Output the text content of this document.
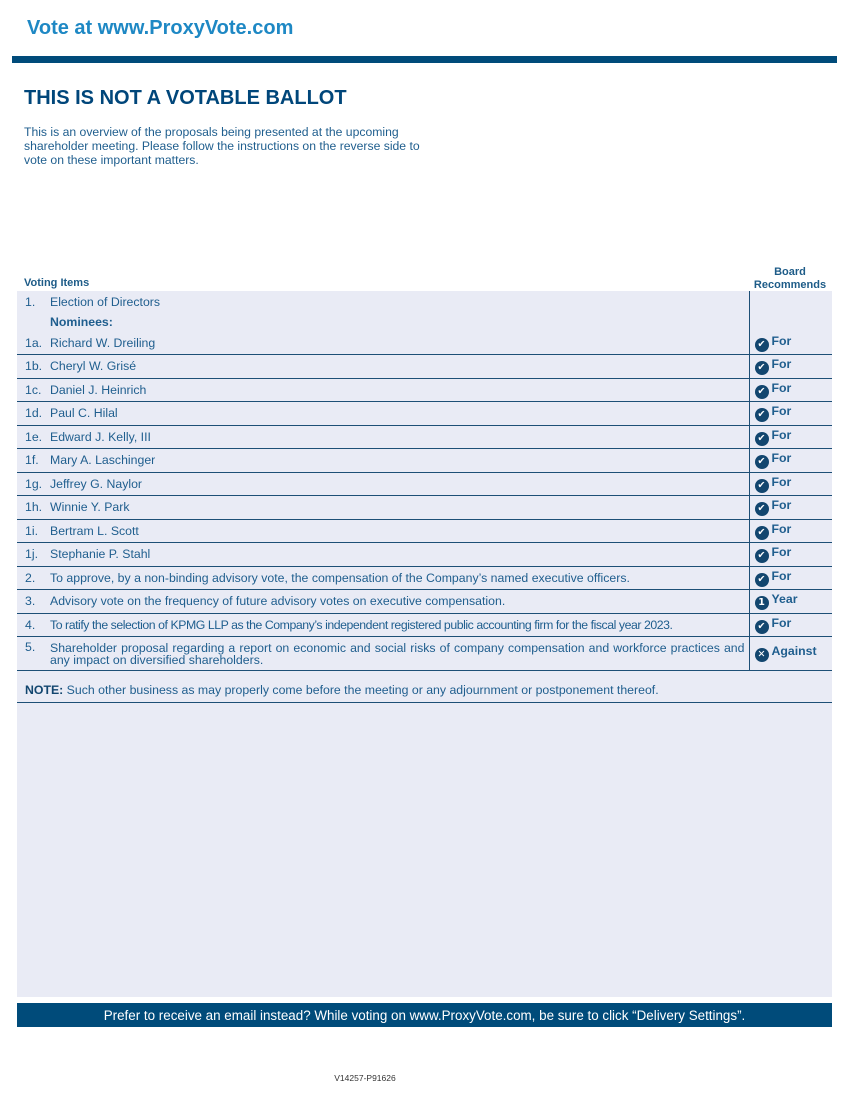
Vote at www.ProxyVote.com
THIS IS NOT A VOTABLE BALLOT
This is an overview of the proposals being presented at the upcoming shareholder meeting. Please follow the instructions on the reverse side to vote on these important matters.
Voting Items
Board
Recommends
1.	Election of Directors	
	Nominees:	
1a.	Richard W. Dreiling	✔ For
1b.	Cheryl W. Grisé	✔ For
1c.	Daniel J. Heinrich	✔ For
1d.	Paul C. Hilal	✔ For
1e.	Edward J. Kelly, III	✔ For
1f.	Mary A. Laschinger	✔ For
1g.	Jeffrey G. Naylor	✔ For
1h.	Winnie Y. Park	✔ For
1i.	Bertram L. Scott	✔ For
1j.	Stephanie P. Stahl	✔ For
2.	To approve, by a non-binding advisory vote, the compensation of the Company’s named executive officers.	✔ For
3.	Advisory vote on the frequency of future advisory votes on executive compensation.	1 Year
4.	To ratify the selection of KPMG LLP as the Company’s independent registered public accounting firm for the fiscal year 2023.	✔ For
5.	Shareholder proposal regarding a report on economic and social risks of company compensation and workforce practices and any impact on diversified shareholders.	✕ Against
NOTE: Such other business as may properly come before the meeting or any adjournment or postponement thereof.
Prefer to receive an email instead? While voting on www.ProxyVote.com, be sure to click “Delivery Settings”.
V14257-P91626
